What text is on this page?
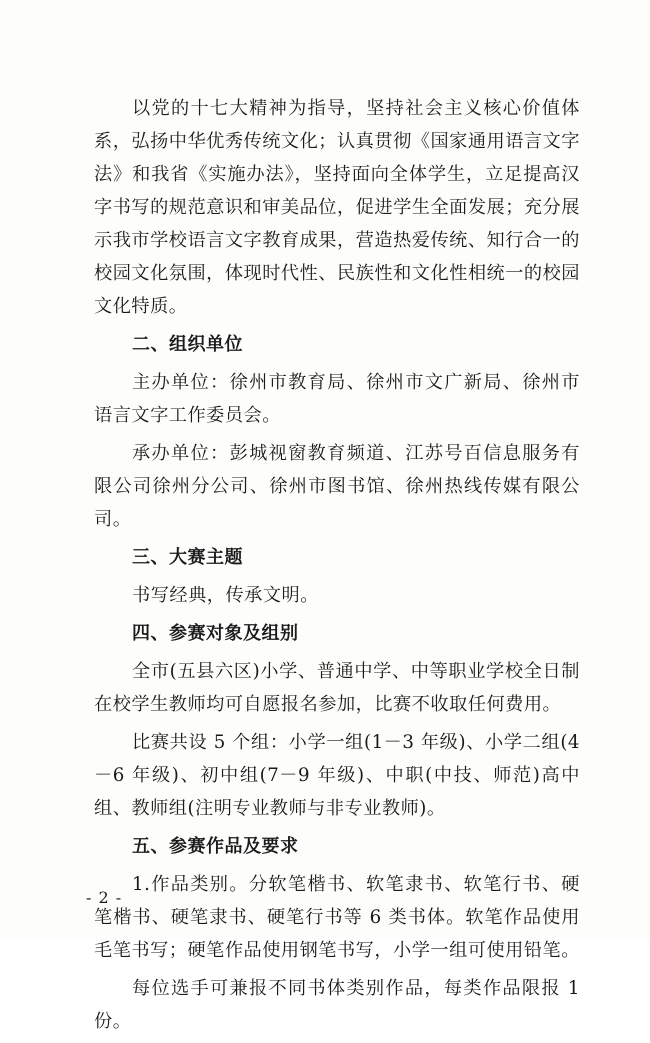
以党的十七大精神为指导，坚持社会主义核心价值体系，弘扬中华优秀传统文化；认真贯彻《国家通用语言文字法》和我省《实施办法》，坚持面向全体学生，立足提高汉字书写的规范意识和审美品位，促进学生全面发展；充分展示我市学校语言文字教育成果，营造热爱传统、知行合一的校园文化氛围，体现时代性、民族性和文化性相统一的校园文化特质。

二、组织单位

主办单位：徐州市教育局、徐州市文广新局、徐州市语言文字工作委员会。

承办单位：彭城视窗教育频道、江苏号百信息服务有限公司徐州分公司、徐州市图书馆、徐州热线传媒有限公司。

三、大赛主题

书写经典，传承文明。

四、参赛对象及组别

全市(五县六区)小学、普通中学、中等职业学校全日制在校学生教师均可自愿报名参加，比赛不收取任何费用。

比赛共设 5 个组：小学一组(1－3 年级)、小学二组(4－6 年级)、初中组(7－9 年级)、中职(中技、师范)高中组、教师组(注明专业教师与非专业教师)。

五、参赛作品及要求

1.作品类别。分软笔楷书、软笔隶书、软笔行书、硬笔楷书、硬笔隶书、硬笔行书等 6 类书体。软笔作品使用毛笔书写；硬笔作品使用钢笔书写，小学一组可使用铅笔。

每位选手可兼报不同书体类别作品，每类作品限报 1 份。

- 2 -
